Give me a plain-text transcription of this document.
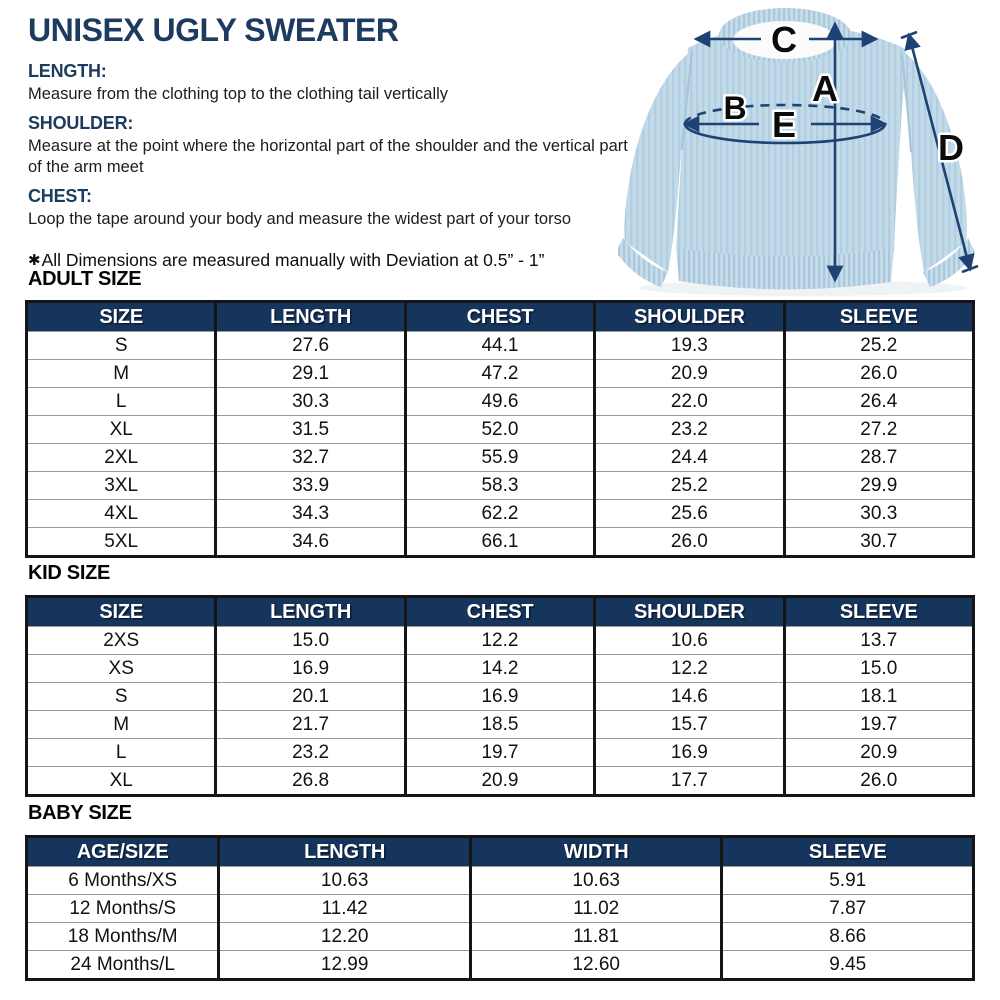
UNISEX UGLY SWEATER

LENGTH:

Measure from the clothing top to the clothing tail vertically

SHOULDER:

Measure at the point where the horizontal part of the shoulder and the vertical part of the arm meet

CHEST:

Loop the tape around your body and measure the widest part of your torso

✱All Dimensions are measured manually with Deviation at 0.5” - 1”

C
A
B E
D
ADULT SIZE
SIZE	LENGTH	CHEST	SHOULDER	SLEEVE
S	27.6	44.1	19.3	25.2
M	29.1	47.2	20.9	26.0
L	30.3	49.6	22.0	26.4
XL	31.5	52.0	23.2	27.2
2XL	32.7	55.9	24.4	28.7
3XL	33.9	58.3	25.2	29.9
4XL	34.3	62.2	25.6	30.3
5XL	34.6	66.1	26.0	30.7
KID SIZE
SIZE	LENGTH	CHEST	SHOULDER	SLEEVE
2XS	15.0	12.2	10.6	13.7
XS	16.9	14.2	12.2	15.0
S	20.1	16.9	14.6	18.1
M	21.7	18.5	15.7	19.7
L	23.2	19.7	16.9	20.9
XL	26.8	20.9	17.7	26.0
BABY SIZE
AGE/SIZE	LENGTH	WIDTH	SLEEVE
6 Months/XS	10.63	10.63	5.91
12 Months/S	11.42	11.02	7.87
18 Months/M	12.20	11.81	8.66
24 Months/L	12.99	12.60	9.45
